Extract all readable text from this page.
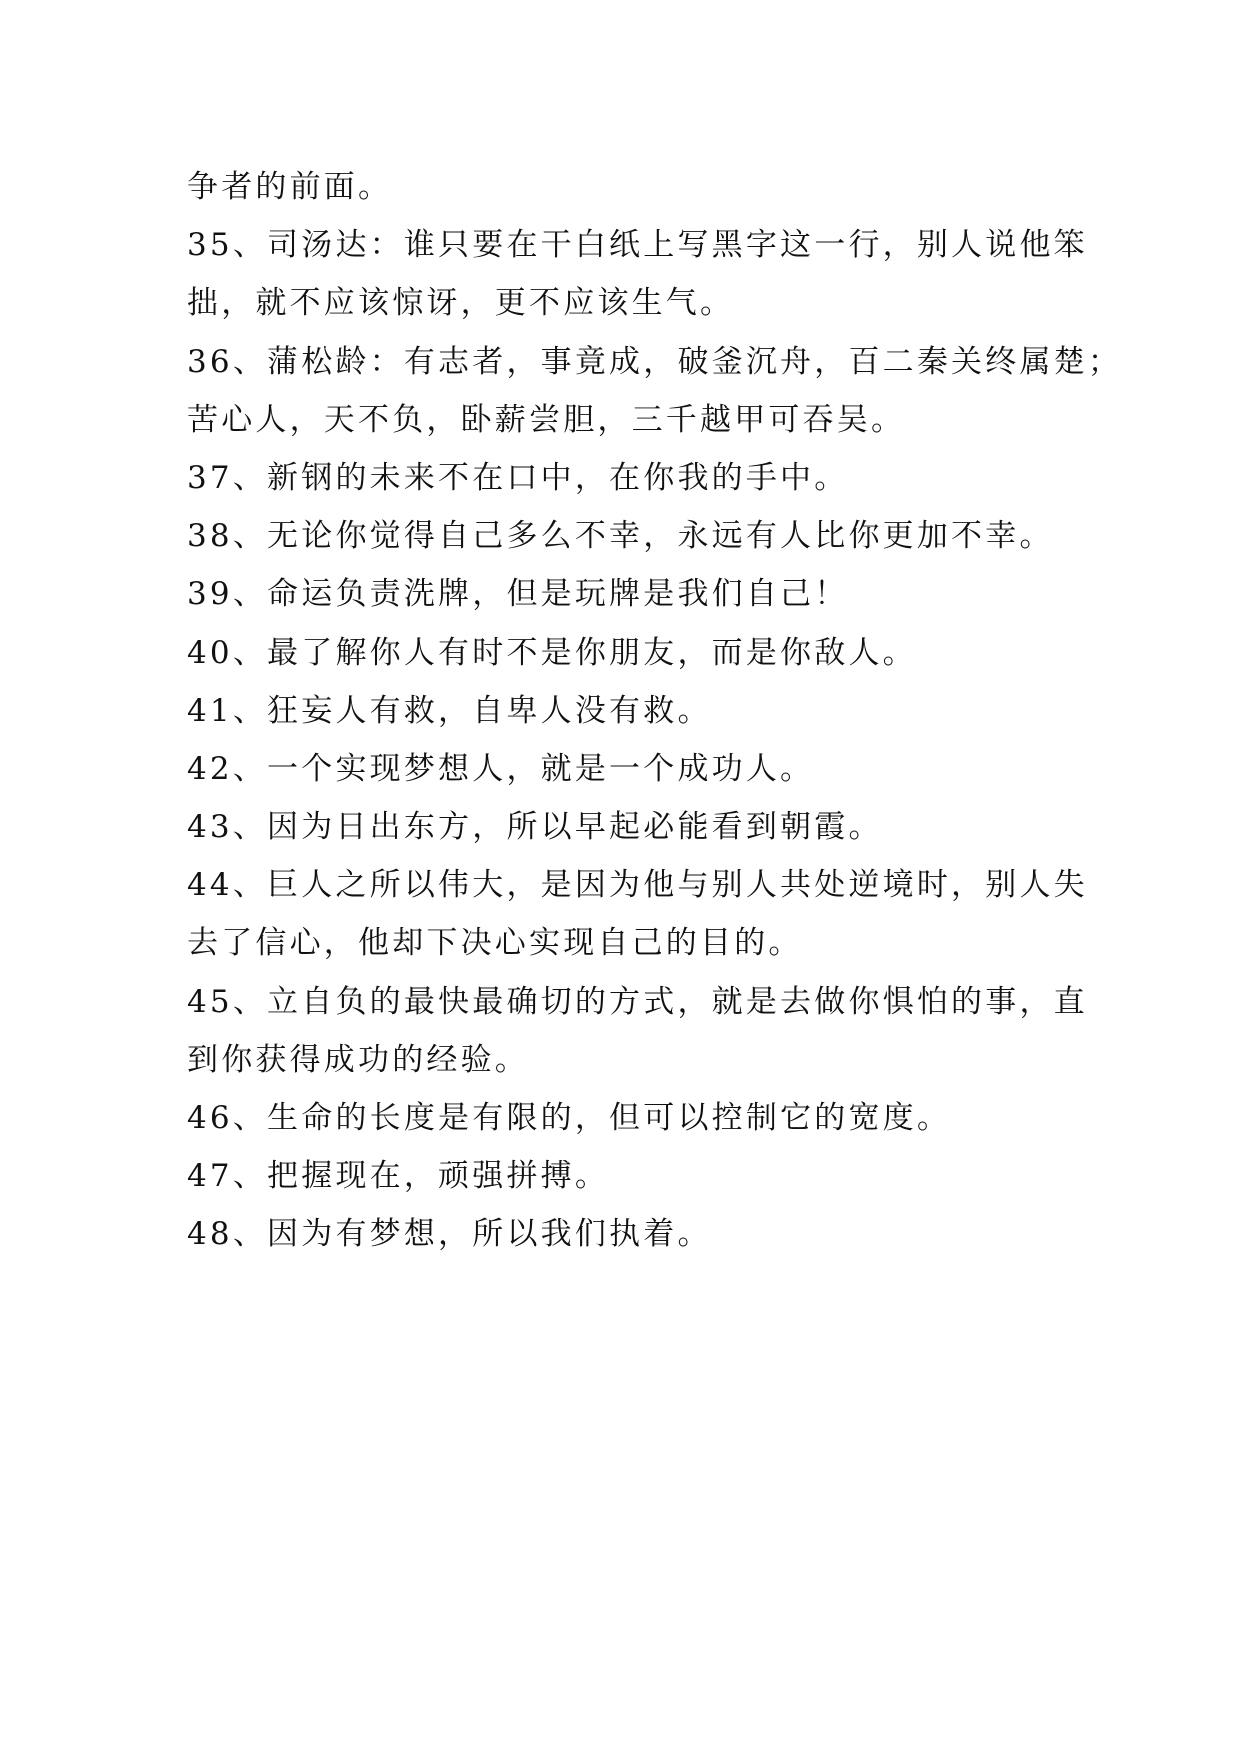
争者的前面。
35、司汤达：谁只要在干白纸上写黑字这一行，别人说他笨
拙，就不应该惊讶，更不应该生气。
36、蒲松龄：有志者，事竟成，破釜沉舟，百二秦关终属楚；
苦心人，天不负，卧薪尝胆，三千越甲可吞吴。
37、新钢的未来不在口中，在你我的手中。
38、无论你觉得自己多么不幸，永远有人比你更加不幸。
39、命运负责洗牌，但是玩牌是我们自己！
40、最了解你人有时不是你朋友，而是你敌人。
41、狂妄人有救，自卑人没有救。
42、一个实现梦想人，就是一个成功人。
43、因为日出东方，所以早起必能看到朝霞。
44、巨人之所以伟大，是因为他与别人共处逆境时，别人失
去了信心，他却下决心实现自己的目的。
45、立自负的最快最确切的方式，就是去做你惧怕的事，直
到你获得成功的经验。
46、生命的长度是有限的，但可以控制它的宽度。
47、把握现在，顽强拼搏。
48、因为有梦想，所以我们执着。
